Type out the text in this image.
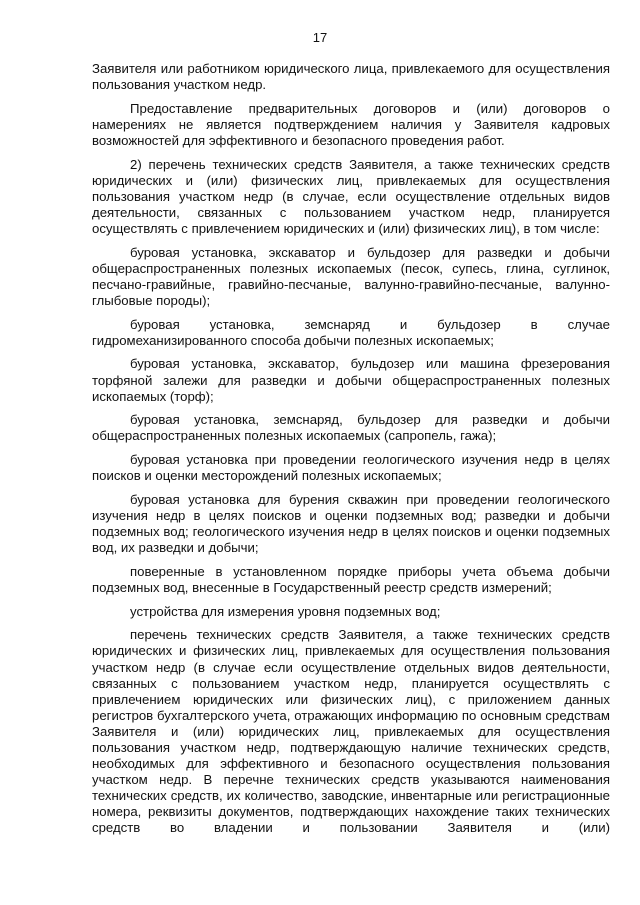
17

Заявителя или работником юридического лица, привлекаемого для осуществления пользования участком недр.

Предоставление предварительных договоров и (или) договоров о намерениях не является подтверждением наличия у Заявителя кадровых возможностей для эффективного и безопасного проведения работ.

2) перечень технических средств Заявителя, а также технических средств юридических и (или) физических лиц, привлекаемых для осуществления пользования участком недр (в случае, если осуществление отдельных видов деятельности, связанных с пользованием участком недр, планируется осуществлять с привлечением юридических и (или) физических лиц), в том числе:

буровая установка, экскаватор и бульдозер для разведки и добычи общераспространенных полезных ископаемых (песок, супесь, глина, суглинок, песчано-гравийные, гравийно-песчаные, валунно-гравийно-песчаные, валунно-глыбовые породы);

буровая установка, земснаряд и бульдозер в случае гидромеханизированного способа добычи полезных ископаемых;

буровая установка, экскаватор, бульдозер или машина фрезерования торфяной залежи для разведки и добычи общераспространенных полезных ископаемых (торф);

буровая установка, земснаряд, бульдозер для разведки и добычи общераспространенных полезных ископаемых (сапропель, гажа);

буровая установка при проведении геологического изучения недр в целях поисков и оценки месторождений полезных ископаемых;

буровая установка для бурения скважин при проведении геологического изучения недр в целях поисков и оценки подземных вод; разведки и добычи подземных вод; геологического изучения недр в целях поисков и оценки подземных вод, их разведки и добычи;

поверенные в установленном порядке приборы учета объема добычи подземных вод, внесенные в Государственный реестр средств измерений;

устройства для измерения уровня подземных вод;

перечень технических средств Заявителя, а также технических средств юридических и физических лиц, привлекаемых для осуществления пользования участком недр (в случае если осуществление отдельных видов деятельности, связанных с пользованием участком недр, планируется осуществлять с привлечением юридических или физических лиц), с приложением данных регистров бухгалтерского учета, отражающих информацию по основным средствам Заявителя и (или) юридических лиц, привлекаемых для осуществления пользования участком недр, подтверждающую наличие технических средств, необходимых для эффективного и безопасного осуществления пользования участком недр. В перечне технических средств указываются наименования технических средств, их количество, заводские, инвентарные или регистрационные номера, реквизиты документов, подтверждающих нахождение таких технических средств во владении и пользовании Заявителя и (или)
